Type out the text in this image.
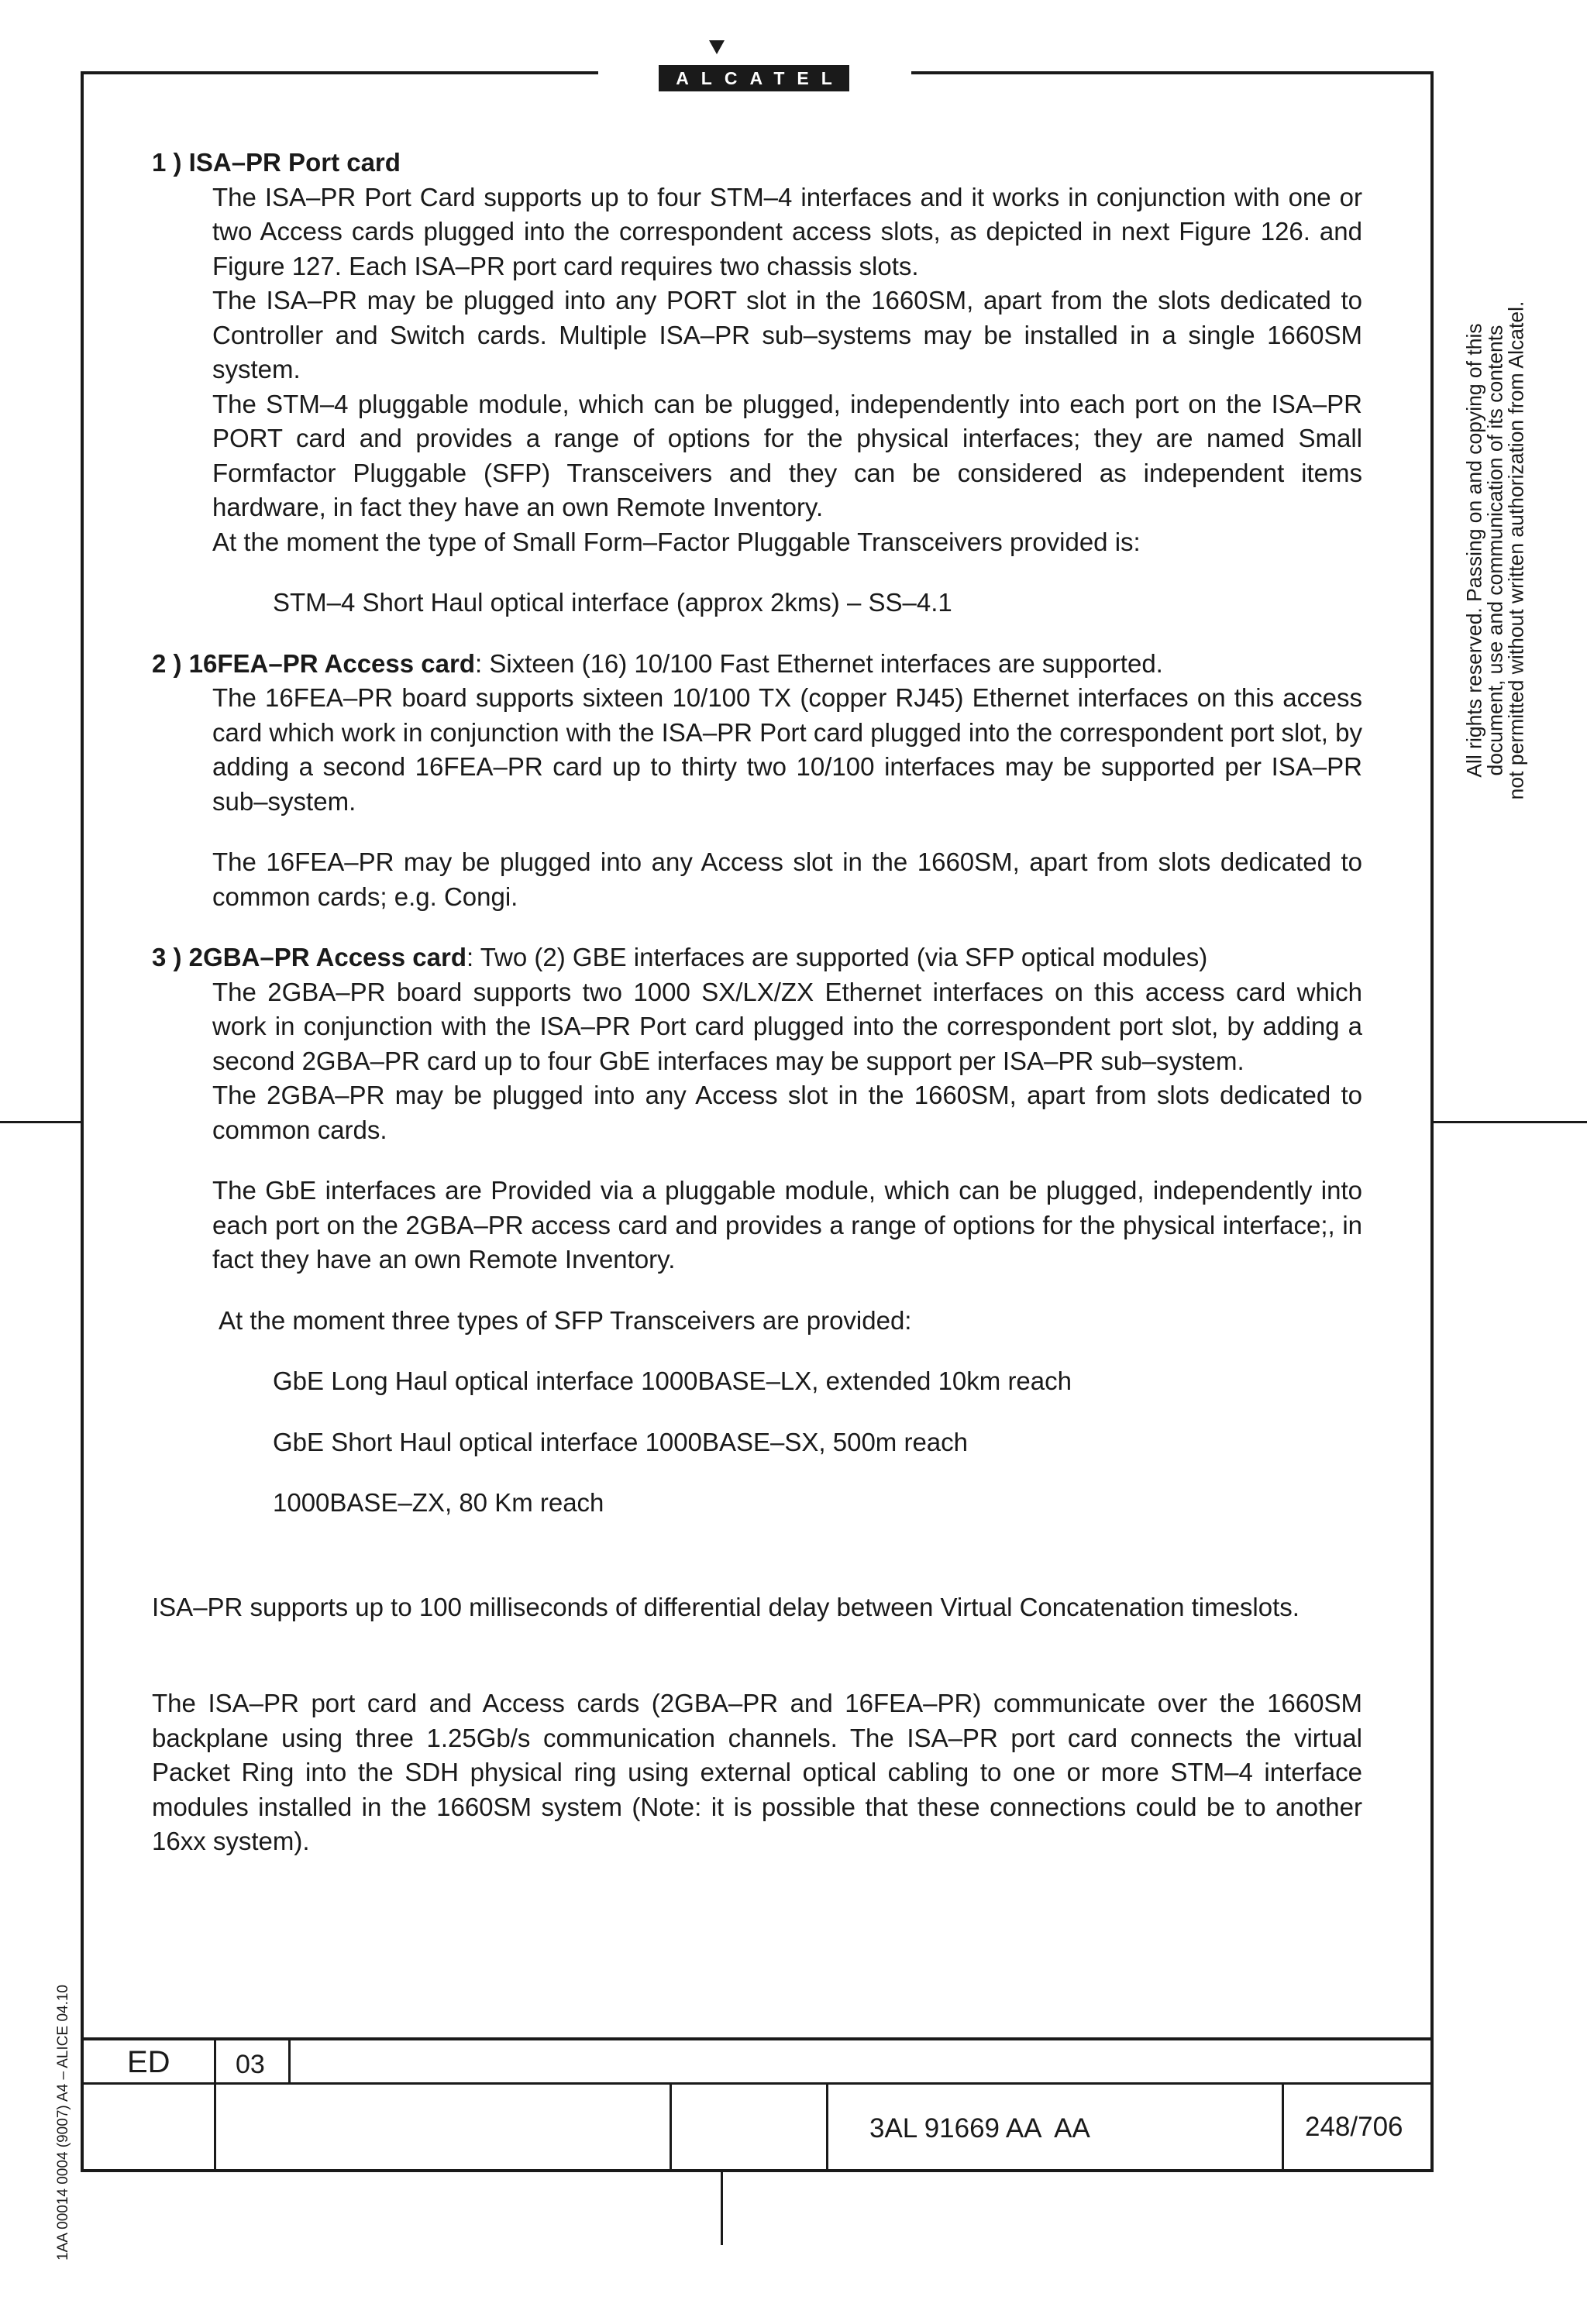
ALCATEL

1 ) ISA–PR Port card

The ISA–PR Port Card supports up to four STM–4 interfaces and it works in conjunction with one or two Access cards plugged into the correspondent access slots, as depicted in next Figure 126. and Figure 127. Each ISA–PR port card requires two chassis slots.

The ISA–PR may be plugged into any PORT slot in the 1660SM, apart from the slots dedicated to Controller and Switch cards. Multiple ISA–PR sub–systems may be installed in a single 1660SM system.

The STM–4 pluggable module, which can be plugged, independently into each port on the ISA–PR PORT card and provides a range of options for the physical interfaces; they are named Small Formfactor Pluggable (SFP) Transceivers and they can be considered as independent items hardware, in fact they have an own Remote Inventory.

At the moment the type of Small Form–Factor Pluggable Transceivers provided is:

STM–4 Short Haul optical interface (approx 2kms) – SS–4.1

2 ) 16FEA–PR Access card: Sixteen (16) 10/100 Fast Ethernet interfaces are supported.

The 16FEA–PR board supports sixteen 10/100 TX (copper RJ45) Ethernet interfaces on this access card which work in conjunction with the ISA–PR Port card plugged into the correspondent port slot, by adding a second 16FEA–PR card up to thirty two 10/100 interfaces may be supported per ISA–PR sub–system.

The 16FEA–PR may be plugged into any Access slot in the 1660SM, apart from slots dedicated to common cards; e.g. Congi.

3 ) 2GBA–PR Access card: Two (2) GBE interfaces are supported (via SFP optical modules)

The 2GBA–PR board supports two 1000 SX/LX/ZX Ethernet interfaces on this access card which work in conjunction with the ISA–PR Port card plugged into the correspondent port slot, by adding a second 2GBA–PR card up to four GbE interfaces may be support per ISA–PR sub–system.

The 2GBA–PR may be plugged into any Access slot in the 1660SM, apart from slots dedicated to common cards.

The GbE interfaces are Provided via a pluggable module, which can be plugged, independently into each port on the 2GBA–PR access card and provides a range of options for the physical interface;, in fact they have an own Remote Inventory.

At the moment three types of SFP Transceivers are provided:

GbE Long Haul optical interface 1000BASE–LX, extended 10km reach

GbE Short Haul optical interface 1000BASE–SX, 500m reach

1000BASE–ZX, 80 Km reach

ISA–PR supports up to 100 milliseconds of differential delay between Virtual Concatenation timeslots.

The ISA–PR port card and Access cards (2GBA–PR and 16FEA–PR) communicate over the 1660SM backplane using three 1.25Gb/s communication channels. The ISA–PR port card connects the virtual Packet Ring into the SDH physical ring using external optical cabling to one or more STM–4 interface modules installed in the 1660SM system (Note: it is possible that these connections could be to another 16xx system).

All rights reserved. Passing on and copying of this
document, use and communication of its contents
not permitted without written authorization from Alcatel.
1AA 00014 0004 (9007) A4 – ALICE 04.10 ED 03
3AL 91669 AA  AA	248/706
